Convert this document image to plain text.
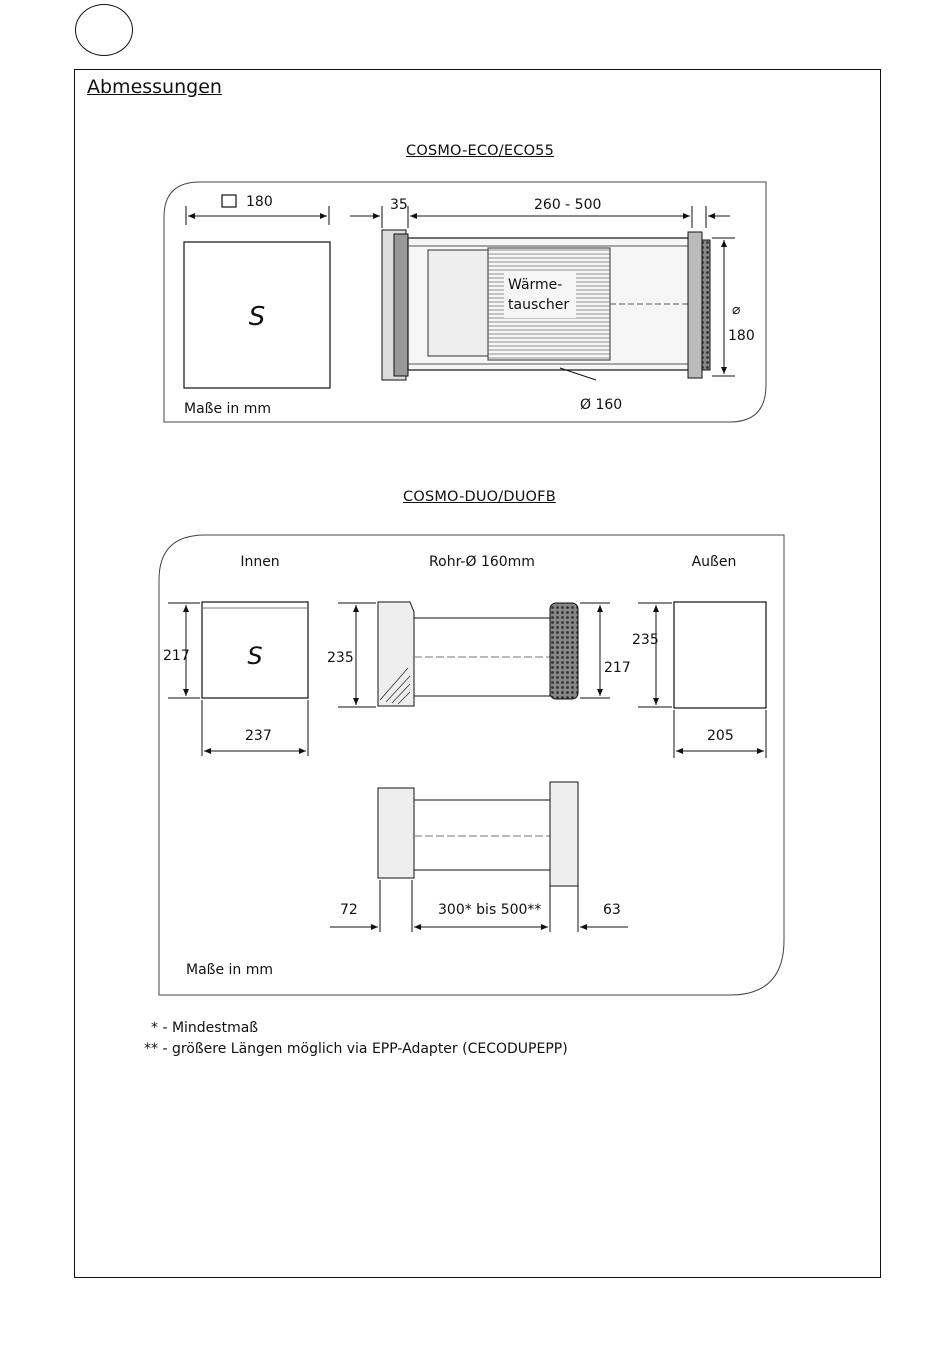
Abmessungen
COSMO-ECO/ECO55
COSMO-DUO/DUOFB
* - Mindestmaß
** - größere Längen möglich via EPP-Adapter (CECODUPEPP)
180
S
Maße in mm
35	260 - 500
Wärme-
tauscher	⌀
180
Ø 160
Innen	Rohr-Ø 160mm	Außen
S
217
237
235
217
235
205
72	300* bis 500**	63
Maße in mm
